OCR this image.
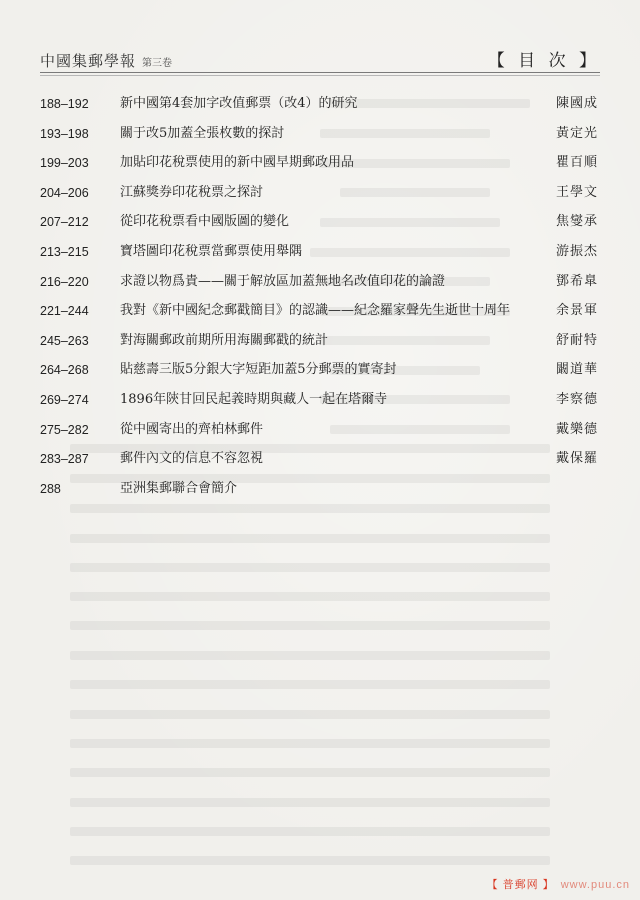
中國集郵學報 第三卷	【 目 次 】
188–192	新中國第4套加字改值郵票（改4）的研究	陳國成
193–198	關于改5加蓋全張枚數的探討	黃定光
199–203	加貼印花稅票使用的新中國早期郵政用品	瞿百順
204–206	江蘇獎券印花稅票之探討	王學文
207–212	從印花稅票看中國版圖的變化	焦燮承
213–215	寶塔圖印花稅票當郵票使用舉隅	游振杰
216–220	求證以物爲貴——關于解放區加蓋無地名改值印花的論證	鄧希臯
221–244	我對《新中國紀念郵戳簡目》的認識——紀念羅家聲先生逝世十周年	余景軍
245–263	對海關郵政前期所用海關郵戳的統計	舒耐特
264–268	貼慈壽三版5分銀大字短距加蓋5分郵票的實寄封	闞道華
269–274	1896年陝甘回民起義時期與藏人一起在塔爾寺	李察德
275–282	從中國寄出的齊柏林郵件	戴樂德
283–287	郵件內文的信息不容忽視	戴保羅
288	亞洲集郵聯合會簡介
【 普郵网 】 www.puu.cn
